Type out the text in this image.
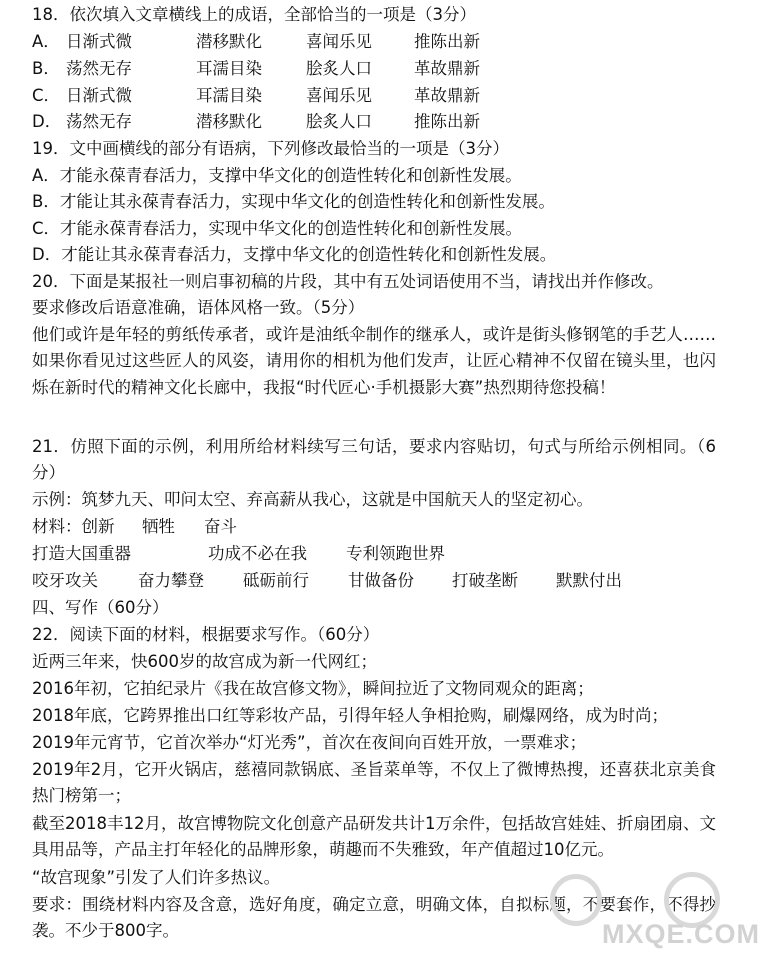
18．依次填入文章横线上的成语，全部恰当的一项是（3分）
A． 日渐式微	潜移默化	喜闻乐见	推陈出新
B． 荡然无存	耳濡目染	脍炙人口	革故鼎新
C． 日渐式微	耳濡目染	喜闻乐见	革故鼎新
D． 荡然无存	潜移默化	脍炙人口	推陈出新
19．文中画横线的部分有语病，下列修改最恰当的一项是（3分）
A．才能永葆青春活力，支撑中华文化的创造性转化和创新性发展。
B．才能让其永葆青春活力，实现中华文化的创造性转化和创新性发展。
C．才能永葆青春活力，实现中华文化的创造性转化和创新性发展。
D．才能让其永葆青春活力，支撑中华文化的创造性转化和创新性发展。
20．下面是某报社一则启事初稿的片段，其中有五处词语使用不当，请找出并作修改。
要求修改后语意准确，语体风格一致。（5分）
他们或许是年轻的剪纸传承者，或许是油纸伞制作的继承人，或许是街头修钢笔的手艺人……如果你看见过这些匠人的风姿，请用你的相机为他们发声，让匠心精神不仅留在镜头里，也闪烁在新时代的精神文化长廊中，我报“时代匠心·手机摄影大赛”热烈期待您投稿！
21．仿照下面的示例，利用所给材料续写三句话，要求内容贴切，句式与所给示例相同。（6分）
示例：筑梦九天、叩问太空、弃高薪从我心，这就是中国航天人的坚定初心。
材料：创新 牺牲 奋斗
打造大国重器	功成不必在我 专利领跑世界
咬牙攻关 奋力攀登 砥砺前行 甘做备份 打破垄断 默默付出
四、写作（60分）
22．阅读下面的材料，根据要求写作。（60分）
近两三年来，快600岁的故宫成为新一代网红；
2016年初，它拍纪录片《我在故宫修文物》，瞬间拉近了文物同观众的距离；
2018年底，它跨界推出口红等彩妆产品，引得年轻人争相抢购，刷爆网络，成为时尚；
2019年元宵节，它首次举办“灯光秀”，首次在夜间向百姓开放，一票难求；
2019年2月，它开火锅店，慈禧同款锅底、圣旨菜单等，不仅上了微博热搜，还喜获北京美食热门榜第一；
截至2018丰12月，故宫博物院文化创意产品研发共计1万余件，包括故宫娃娃、折扇团扇、文具用品等，产品主打年轻化的品牌形象，萌趣而不失雅致，年产值超过10亿元。
“故宫现象”引发了人们许多热议。
要求：围绕材料内容及含意，选好角度，确定立意，明确文体，自拟标题，不要套作，不得抄袭。不少于800字。	MXQE.COM
